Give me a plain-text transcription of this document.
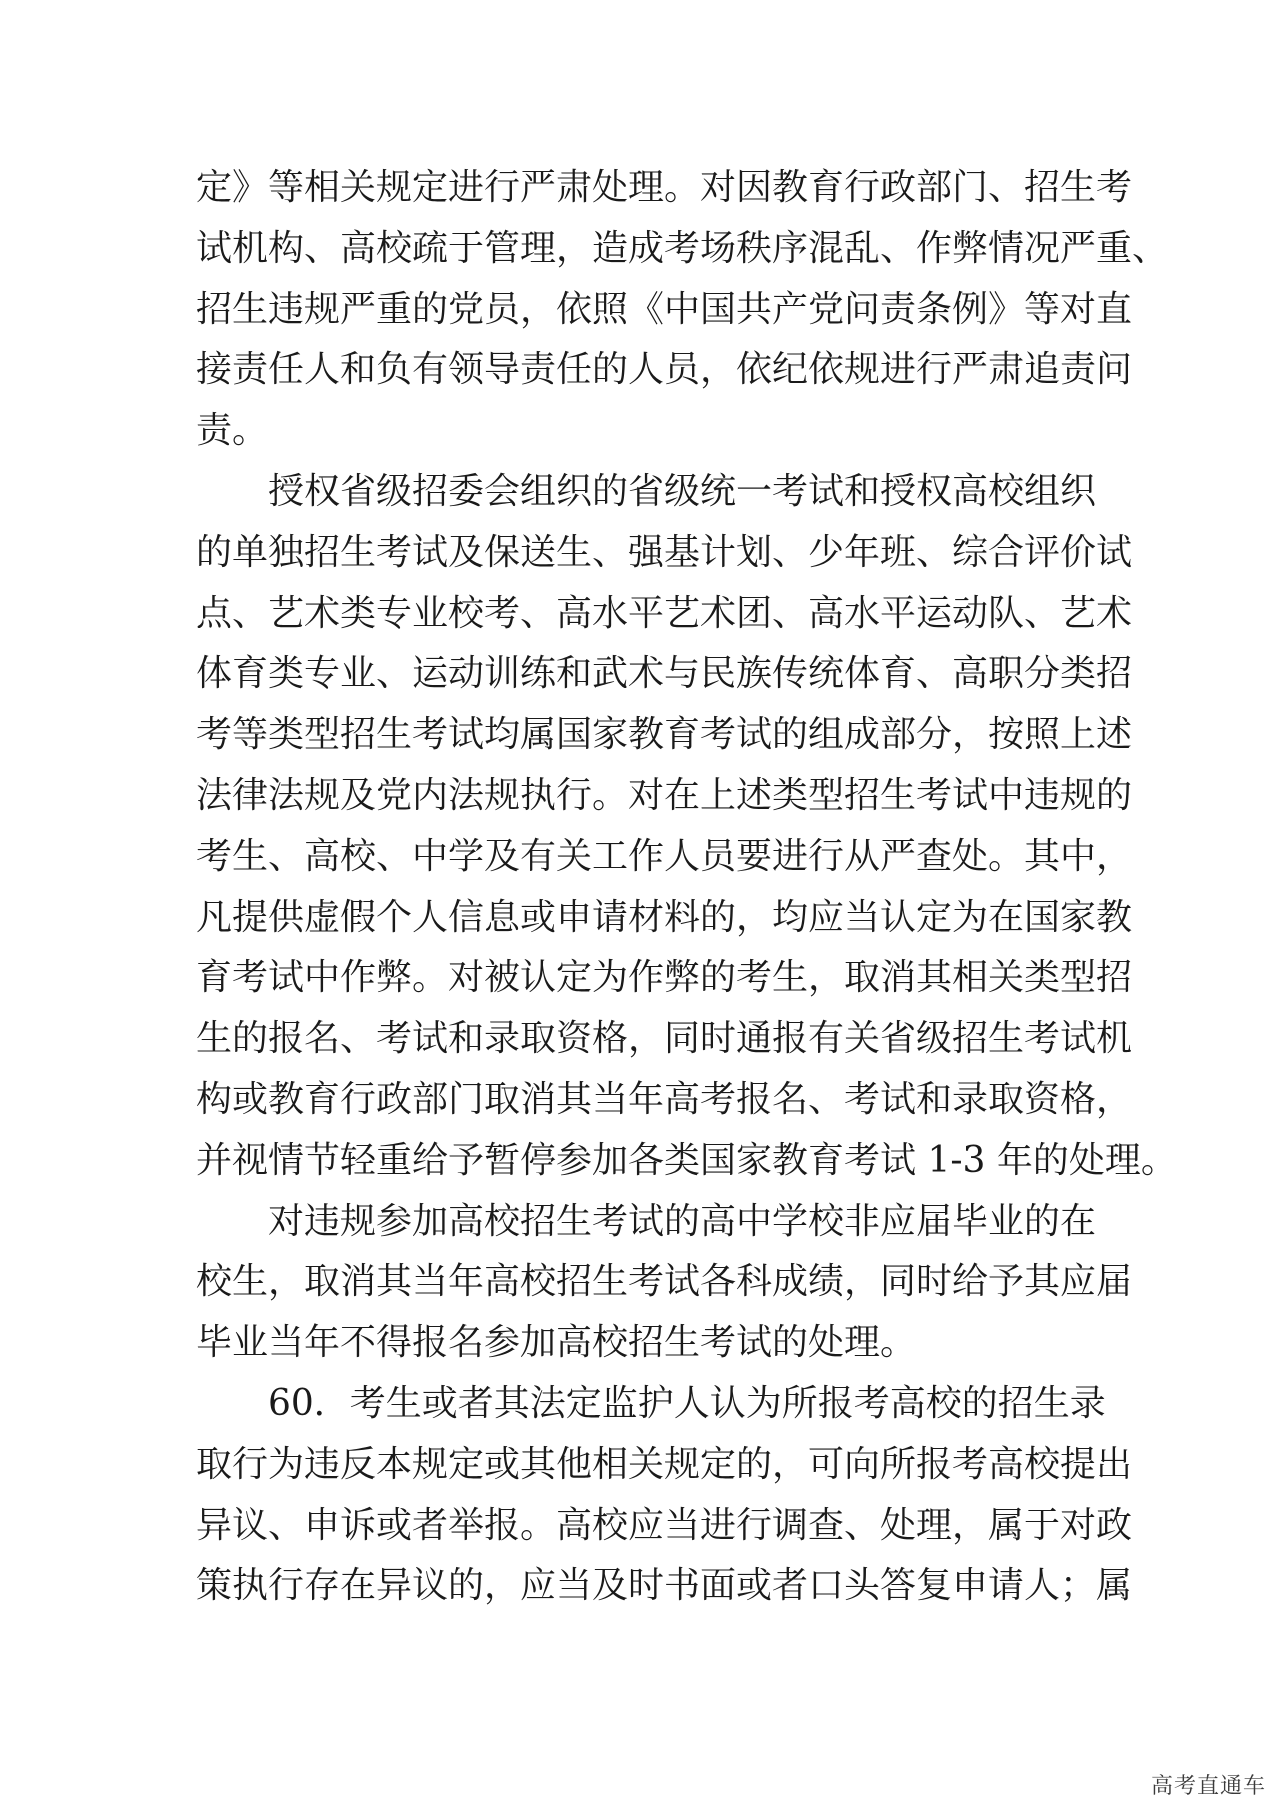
定》等相关规定进行严肃处理。对因教育行政部门、招生考
试机构、高校疏于管理，造成考场秩序混乱、作弊情况严重、
招生违规严重的党员，依照《中国共产党问责条例》等对直
接责任人和负有领导责任的人员，依纪依规进行严肃追责问
责。
授权省级招委会组织的省级统一考试和授权高校组织
的单独招生考试及保送生、强基计划、少年班、综合评价试
点、艺术类专业校考、高水平艺术团、高水平运动队、艺术
体育类专业、运动训练和武术与民族传统体育、高职分类招
考等类型招生考试均属国家教育考试的组成部分，按照上述
法律法规及党内法规执行。对在上述类型招生考试中违规的
考生、高校、中学及有关工作人员要进行从严查处。其中，
凡提供虚假个人信息或申请材料的，均应当认定为在国家教
育考试中作弊。对被认定为作弊的考生，取消其相关类型招
生的报名、考试和录取资格，同时通报有关省级招生考试机
构或教育行政部门取消其当年高考报名、考试和录取资格，
并视情节轻重给予暂停参加各类国家教育考试 1-3 年的处理。
对违规参加高校招生考试的高中学校非应届毕业的在
校生，取消其当年高校招生考试各科成绩，同时给予其应届
毕业当年不得报名参加高校招生考试的处理。
60．考生或者其法定监护人认为所报考高校的招生录
取行为违反本规定或其他相关规定的，可向所报考高校提出
异议、申诉或者举报。高校应当进行调查、处理，属于对政
策执行存在异议的，应当及时书面或者口头答复申请人；属
高考直通车
